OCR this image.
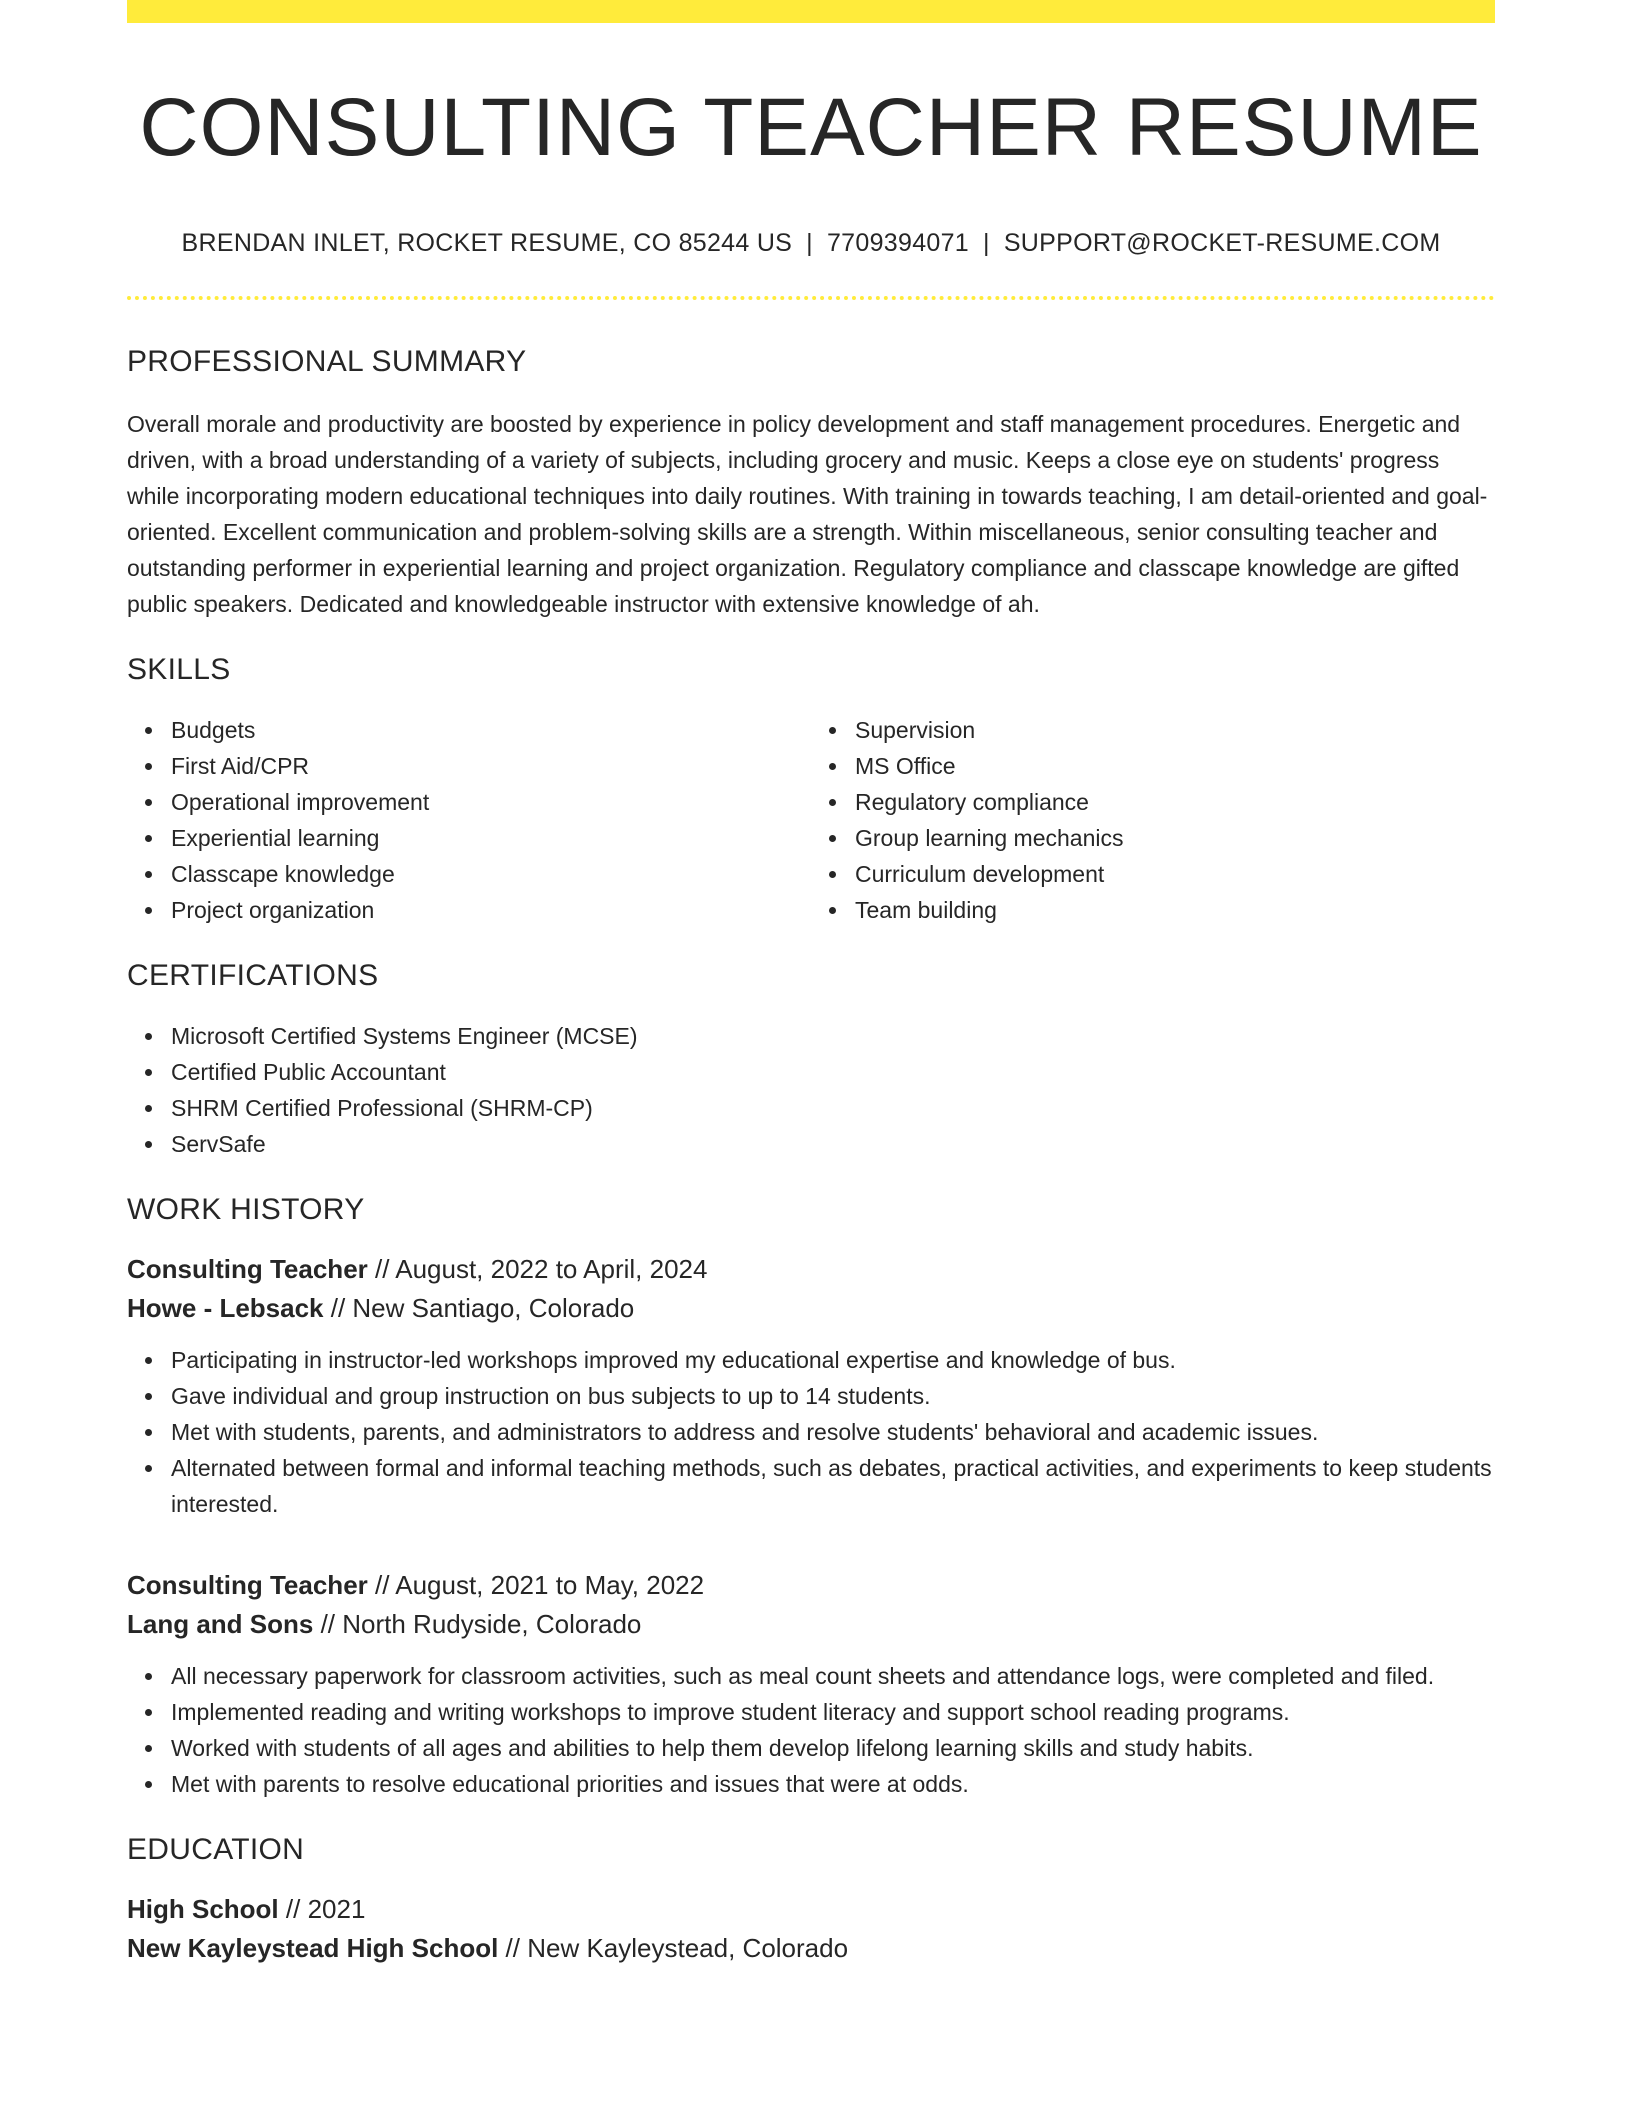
CONSULTING TEACHER RESUME
BRENDAN INLET, ROCKET RESUME, CO 85244 US | 7709394071 | SUPPORT@ROCKET-RESUME.COM
PROFESSIONAL SUMMARY

Overall morale and productivity are boosted by experience in policy development and staff management procedures. Energetic and driven, with a broad understanding of a variety of subjects, including grocery and music. Keeps a close eye on students' progress while incorporating modern educational techniques into daily routines. With training in towards teaching, I am detail-oriented and goal-oriented. Excellent communication and problem-solving skills are a strength. Within miscellaneous, senior consulting teacher and outstanding performer in experiential learning and project organization. Regulatory compliance and classcape knowledge are gifted public speakers. Dedicated and knowledgeable instructor with extensive knowledge of ah.

SKILLS
Budgets
First Aid/CPR
Operational improvement
Experiential learning
Classcape knowledge
Project organization
Supervision
MS Office
Regulatory compliance
Group learning mechanics
Curriculum development
Team building
CERTIFICATIONS
Microsoft Certified Systems Engineer (MCSE)
Certified Public Accountant
SHRM Certified Professional (SHRM-CP)
ServSafe
WORK HISTORY
Consulting Teacher // August, 2022 to April, 2024
Howe - Lebsack // New Santiago, Colorado
Participating in instructor-led workshops improved my educational expertise and knowledge of bus.
Gave individual and group instruction on bus subjects to up to 14 students.
Met with students, parents, and administrators to address and resolve students' behavioral and academic issues.
Alternated between formal and informal teaching methods, such as debates, practical activities, and experiments to keep students interested.
Consulting Teacher // August, 2021 to May, 2022
Lang and Sons // North Rudyside, Colorado
All necessary paperwork for classroom activities, such as meal count sheets and attendance logs, were completed and filed.
Implemented reading and writing workshops to improve student literacy and support school reading programs.
Worked with students of all ages and abilities to help them develop lifelong learning skills and study habits.
Met with parents to resolve educational priorities and issues that were at odds.
EDUCATION
High School // 2021
New Kayleystead High School // New Kayleystead, Colorado
